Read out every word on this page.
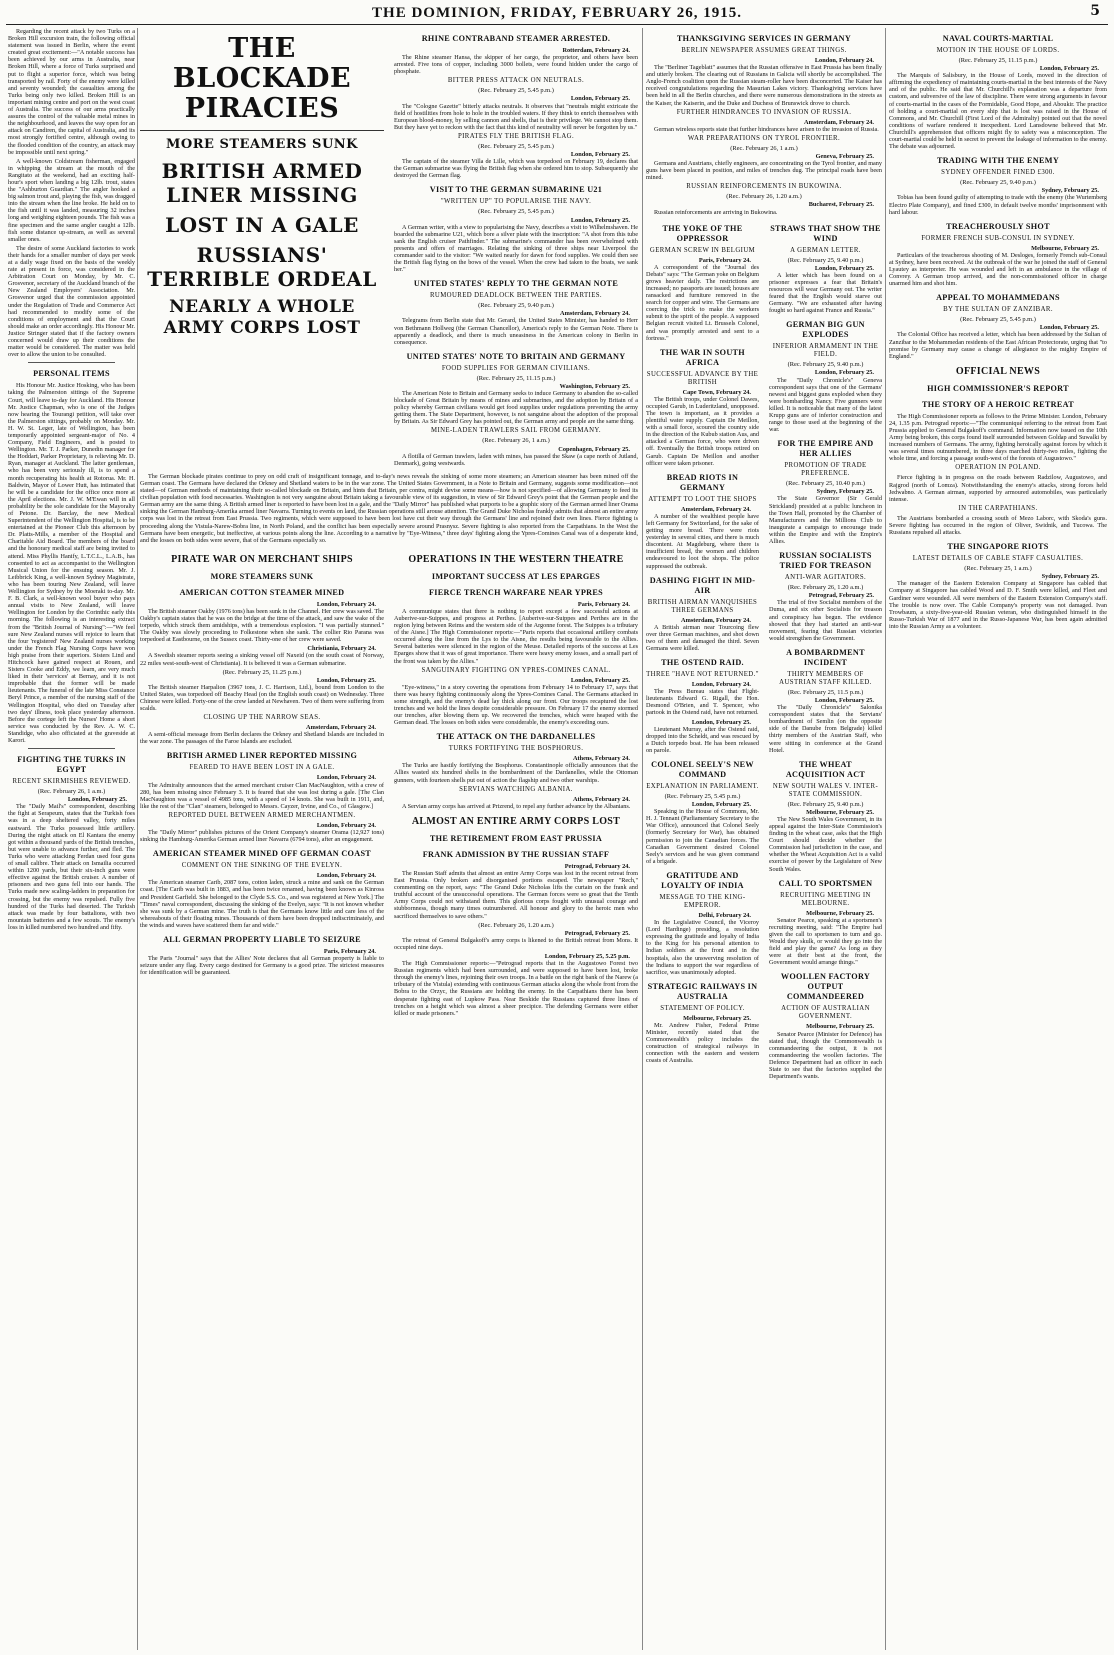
THE DOMINION, FRIDAY, FEBRUARY 26, 1915.	5

Regarding the recent attack by two Turks on a Broken Hill excursion train, the following official statement was issued in Berlin, where the event created great excitement:—"A notable success has been achieved by our arms in Australia, near Broken Hill, where a force of Turks surprised and put to flight a superior force, which was being transported by rail. Forty of the enemy were killed and seventy wounded; the casualties among the Turks being only two killed. Broken Hill is an important mining centre and port on the west coast of Australia. The success of our arms practically assures the control of the valuable metal mines in the neighbourhood, and leaves the way open for an attack on Candiren, the capital of Australia, and its most strongly fortified centre, although owing to the flooded condition of the country, an attack may be impossible until next spring."

A well-known Coldstream fisherman, engaged in whipping the stream at the mouth of the Rangitato at the weekend, had an exciting half-hour's sport when landing a big 12lb. trout, states the "Ashburton Guardian." The angler hooked a big salmon trout and, playing the fish, was dragged into the stream when the line broke. He held on to the fish until it was landed, measuring 32 inches long and weighing eighteen pounds. The fish was a fine specimen and the same angler caught a 12lb. fish some distance up-stream, as well as several smaller ones.

The desire of some Auckland factories to work their hands for a smaller number of days per week at a daily wage fixed on the basis of the weekly rate at present in force, was considered in the Arbitration Court on Monday, by Mr. C. Grosvenor, secretary of the Auckland branch of the New Zealand Employers' Association. Mr. Grosvenor urged that the commission appointed under the Regulation of Trade and Commerce Act had recommended to modify some of the conditions of employment and that the Court should make an order accordingly. His Honour Mr. Justice Stringer stated that if the factory owners concerned would draw up their conditions the matter would be considered. The matter was held over to allow the union to be consulted.

PERSONAL ITEMS

His Honour Mr. Justice Hosking, who has been taking the Palmerston sittings of the Supreme Court, will leave to-day for Auckland. His Honour Mr. Justice Chapman, who is one of the Judges now hearing the Tourangi petition, will take over the Palmerston sittings, probably on Monday. Mr. H. W. St. Leger, late of Wellington, has been temporarily appointed sergeant-major of No. 4 Company, Field Engineers, and is posted to Wellington. Mr. T. J. Parker, Dunedin manager for the Hoddart, Parker Proprietary, is relieving Mr. D. Ryan, manager at Auckland. The latter gentleman, who has been very seriously ill, is to spend a month recuperating his health at Rotorua. Mr. H. Baldwin, Mayor of Lower Hutt, has intimated that he will be a candidate for the office once more at the April elections. Mr. J. W. M'Ewan will in all probability be the sole candidate for the Mayoralty of Petone. Dr. Barclay, the new Medical Superintendent of the Wellington Hospital, is to be entertained at the Pioneer Club this afternoon by Dr. Platts-Mills, a member of the Hospital and Charitable Aid Board. The members of the board and the honorary medical staff are being invited to attend. Miss Phyllis Hanify, L.T.C.L., L.A.B., has consented to act as accompanist to the Wellington Musical Union for the ensuing season. Mr. J. Leibbrick King, a well-known Sydney Magistrate, who has been touring New Zealand, will leave Wellington for Sydney by the Moeraki to-day. Mr. F. B. Clark, a well-known wool buyer who pays annual visits to New Zealand, will leave Wellington for London by the Corinthic early this morning. The following is an interesting extract from the "British Journal of Nursing":—"We feel sure New Zealand nurses will rejoice to learn that the four 'registered' New Zealand nurses working under the French Flag Nursing Corps have won high praise from their superiors. Sisters Lind and Hitchcock have gained respect at Rouen, and Sisters Cooke and Eddy, we learn, are very much liked in their 'services' at Bernay, and it is not improbable that the former will be made lieutenants. The funeral of the late Miss Constance Beryl Prince, a member of the nursing staff of the Wellington Hospital, who died on Tuesday after two days' illness, took place yesterday afternoon. Before the cortege left the Nurses' Home a short service was conducted by the Rev. A. W. C. Standidge, who also officiated at the graveside at Karori.

FIGHTING THE TURKS IN EGYPT
RECENT SKIRMISHES REVIEWED.
(Rec. February 26, 1 a.m.)
London, February 25.

The "Daily Mail's" correspondent, describing the fight at Serapeum, states that the Turkish foes was in a deep sheltered valley, forty miles eastward. The Turks possessed little artillery. During the night attack on El Kantara the enemy got within a thousand yards of the British trenches, but were unable to advance further, and fled. The Turks who were attacking Ferdan used four guns of small calibre. Their attack on Ismailia occurred within 1200 yards, but their six-inch guns were effective against the British cruiser. A number of prisoners and two guns fell into our hands. The Turks made new scaling-ladders in preparation for crossing, but the enemy was repulsed. Fully five hundred of the Turks had deserted. The Turkish attack was made by four battalions, with two mountain batteries and a few scouts. The enemy's loss in killed numbered two hundred and fifty.

THE BLOCKADE PIRACIES
MORE STEAMERS SUNK
BRITISH ARMED LINER MISSING
LOST IN A GALE
RUSSIANS' TERRIBLE ORDEAL
NEARLY A WHOLE ARMY CORPS LOST
RHINE CONTRABAND STEAMER ARRESTED.
Rotterdam, February 24.

The Rhine steamer Hansa, the skipper of her cargo, the proprietor, and others have been arrested. Five tons of copper, including 3000 bollets, were found hidden under the cargo of phosphate.

BITTER PRESS ATTACK ON NEUTRALS.
(Rec. February 25, 5.45 p.m.)
London, February 25.

The "Cologne Gazette" bitterly attacks neutrals. It observes that "neutrals might extricate the field of hostilities from hole to hole in the troubled waters. If they think to enrich themselves with European blood-money, by selling cannon and shells, that is their privilege. We cannot stop them. But they have yet to reckon with the fact that this kind of neutrality will never be forgotten by us."

PIRATES FLY THE BRITISH FLAG.
(Rec. February 25, 5.45 p.m.)
London, February 25.

The captain of the steamer Villa de Lille, which was torpedoed on February 19, declares that the German submarine was flying the British flag when she ordered him to stop. Subsequently she destroyed the German flag.

VISIT TO THE GERMAN SUBMARINE U21
"WRITTEN UP" TO POPULARISE THE NAVY.
(Rec. February 25, 5.45 p.m.)
London, February 25.

A German writer, with a view to popularising the Navy, describes a visit to Wilhelmshaven. He boarded the submarine U21, which bore a silver plate with the inscription: "A shot from this tube sank the English cruiser Pathfinder." The submarine's commander has been overwhelmed with presents and offers of marriages. Relating the sinking of three ships near Liverpool the commander said to the visitor: "We waited nearly for dawn for food supplies. We could then see the British flag flying on the bows of the vessel. When the crew had taken to the boats, we sank her."

UNITED STATES' REPLY TO THE GERMAN NOTE
RUMOURED DEADLOCK BETWEEN THE PARTIES.
(Rec. February 25, 9.40 p.m.)
Amsterdam, February 24.

Telegrams from Berlin state that Mr. Gerard, the United States Minister, has handed to Herr von Bethmann Hollweg (the German Chancellor), America's reply to the German Note. There is apparently a deadlock, and there is much uneasiness in the American colony in Berlin in consequence.

UNITED STATES' NOTE TO BRITAIN AND GERMANY
FOOD SUPPLIES FOR GERMAN CIVILIANS.
(Rec. February 25, 11.15 p.m.)
Washington, February 25.

The American Note to Britain and Germany seeks to induce Germany to abandon the so-called blockade of Great Britain by means of mines and submarines, and the adoption by Britain of a policy whereby German civilians would get food supplies under regulations preventing the army getting them. The State Department, however, is not sanguine about the adoption of the proposal by Britain. As Sir Edward Grey has pointed out, the German army and people are the same thing.

MINE-LADEN TRAWLERS SAIL FROM GERMANY.
(Rec. February 26, 1 a.m.)
Copenhagen, February 25.

A flotilla of German trawlers, laden with mines, has passed the Skaw (a cape north of Jutland, Denmark), going westwards.

The German blockade pirates continue to prey on odd craft of insignificant tonnage, and to-day's news reveals the sinking of some more steamers; an American steamer has been mined off the German coast. The Germans have declared the Orkney and Shetland waters to be in the war zone. The United States Government, in a Note to Britain and Germany, suggests some modification—not stated—of German methods of maintaining their so-called blockade on Britain, and hints that Britain, per contra, might devise some means—how is not specified—of allowing Germany to feed its civilian population with food necessaries. Washington is not very sanguine about Britain taking a favourable view of its suggestion, in view of Sir Edward Grey's point that the German people and the German army are the same thing. A British armed liner is reported to have been lost in a gale, and the "Daily Mirror" has published what purports to be a graphic story of the German armed liner Orama sinking the German Hamburg-Amerika armed liner Navarra. Turning to events on land, the Russian operations still arouse attention. The Grand Duke Nicholas frankly admits that almost an entire army corps was lost in the retreat from East Prussia. Two regiments, which were supposed to have been lost have cut their way through the Germans' line and rejoined their own lines. Fierce fighting is proceeding along the Vistula-Narew-Bobra line, in North Poland, and the conflict has been especially severe around Prasnysz. Severe fighting is also reported from the Carpathians. In the West the Germans have been energetic, but ineffective, at various points along the line. According to a narrative by "Eye-Witness," three days' fighting along the Ypres-Comines Canal was of a desperate kind, and the losses on both sides were severe, that of the Germans especially so.

PIRATE WAR ON MERCHANT SHIPS
MORE STEAMERS SUNK
AMERICAN COTTON STEAMER MINED
London, February 24.

The British steamer Oakby (1976 tons) has been sunk in the Channel. Her crew was saved. The Oakby's captain states that he was on the bridge at the time of the attack, and saw the wake of the torpedo, which struck them amidships, with a tremendous explosion. "I was partially stunned." The Oakby was slowly proceeding to Folkestone when she sank. The collier Rio Parana was torpedoed at Eastbourne, on the Sussex coast. Thirty-one of her crew were saved.

Christiania, February 24.

A Swedish steamer reports seeing a sinking vessel off Naxeid (on the south coast of Norway, 22 miles west-south-west of Christiania). It is believed it was a German submarine.

(Rec. February 25, 11.25 p.m.)
London, February 25.

The British steamer Harpalion (3967 tons, J. C. Harrison, Ltd.), bound from London to the United States, was torpedoed off Beachy Head (on the English south coast) on Wednesday. Three Chinese were killed. Forty-one of the crew landed at Newhaven. Two of them were suffering from scalds.

CLOSING UP THE NARROW SEAS.
Amsterdam, February 24.

A semi-official message from Berlin declares the Orkney and Shetland Islands are included in the war zone. The passages of the Faroe Islands are excluded.

BRITISH ARMED LINER REPORTED MISSING
FEARED TO HAVE BEEN LOST IN A GALE.
London, February 24.

The Admiralty announces that the armed merchant cruiser Clan MacNaughton, with a crew of 280, has been missing since February 3. It is feared that she was lost during a gale. [The Clan MacNaughton was a vessel of 4985 tons, with a speed of 14 knots. She was built in 1911, and, like the rest of the "Clan" steamers, belonged to Messrs. Cayzer, Irvine, and Co., of Glasgow.]

REPORTED DUEL BETWEEN ARMED MERCHANTMEN.
London, February 24.

The "Daily Mirror" publishes pictures of the Orient Company's steamer Orama (12,927 tons) sinking the Hamburg-Amerika German armed liner Navarra (6794 tons), after an engagement.

AMERICAN STEAMER MINED OFF GERMAN COAST
COMMENT ON THE SINKING OF THE EVELYN.
London, February 24.

The American steamer Carib, 2087 tons, cotton laden, struck a mine and sank on the German coast. [The Carib was built in 1883, and has been twice renamed, having been known as Kinross and President Garfield. She belonged to the Clyde S.S. Co., and was registered at New York.] The "Times" naval correspondent, discussing the sinking of the Evelyn, says: "It is not known whether she was sunk by a German mine. The truth is that the Germans know little and care less of the whereabouts of their floating mines. Thousands of them have been dropped indiscriminately, and the winds and waves have scattered them far and wide."

ALL GERMAN PROPERTY LIABLE TO SEIZURE
Paris, February 24.

The Paris "Journal" says that the Allies' Note declares that all German property is liable to seizure under any flag. Every cargo destined for Germany is a good prize. The strictest measures for identification will be guaranteed.

OPERATIONS IN THE WESTERN THEATRE
IMPORTANT SUCCESS AT LES EPARGES
FIERCE TRENCH WARFARE NEAR YPRES
Paris, February 24.

A communique states that there is nothing to report except a few successful actions at Auberive-sur-Suippes, and progress at Perthes. [Auberive-sur-Suippes and Perthes are in the region lying between Reims and the western side of the Argonne forest. The Suippes is a tributary of the Aisne.] The High Commissioner reports:—"Paris reports that occasional artillery combats occurred along the line from the Lys to the Aisne, the results being favourable to the Allies. Several batteries were silenced in the region of the Meuse. Detailed reports of the success at Les Eparges show that it was of great importance. There were heavy enemy losses, and a small part of the front was taken by the Allies."

SANGUINARY FIGHTING ON YPRES-COMINES CANAL.
London, February 25.

"Eye-witness," in a story covering the operations from February 14 to February 17, says that there was heavy fighting continuously along the Ypres-Comines Canal. The Germans attacked in some strength, and the enemy's dead lay thick along our front. Our troops recaptured the lost trenches and we hold the lines despite considerable pressure. On February 17 the enemy stormed our trenches, after blowing them up. We recovered the trenches, which were heaped with the German dead. The losses on both sides were considerable, the enemy's exceeding ours.

THE ATTACK ON THE DARDANELLES
TURKS FORTIFYING THE BOSPHORUS.
Athens, February 24.

The Turks are hastily fortifying the Bosphorus. Constantinople officially announces that the Allies wasted six hundred shells in the bombardment of the Dardanelles, while the Ottoman gunners, with fourteen shells put out of action the flagship and two other warships.

SERVIANS WATCHING ALBANIA.
Athens, February 24.

A Servian army corps has arrived at Prizrend, to repel any further advance by the Albanians.

ALMOST AN ENTIRE ARMY CORPS LOST
THE RETIREMENT FROM EAST PRUSSIA
FRANK ADMISSION BY THE RUSSIAN STAFF
Petrograd, February 24.

The Russian Staff admits that almost an entire Army Corps was lost in the recent retreat from East Prussia. Only broken and disorganised portions escaped. The newspaper "Rech," commenting on the report, says: "The Grand Duke Nicholas lifts the curtain on the frank and truthful account of the unsuccessful operations. The German forces were so great that the Tenth Army Corps could not withstand them. This glorious corps fought with unusual courage and stubbornness, though many times outnumbered. All honour and glory to the heroic men who sacrificed themselves to save others."

(Rec. February 26, 1.20 a.m.)
Petrograd, February 25.

The retreat of General Bulgakoff's army corps is likened to the British retreat from Mons. It occupied nine days.

London, February 25, 5.25 p.m.

The High Commissioner reports:—"Petrograd reports that in the Augustowo Forest two Russian regiments which had been surrounded, and were supposed to have been lost, broke through the enemy's lines, rejoining their own troops. In a battle on the right bank of the Narew (a tributary of the Vistula) extending with continuous German attacks along the whole front from the Bobra to the Orzyc, the Russians are holding the enemy. In the Carpathians there has been desperate fighting east of Lupkow Pass. Near Beskide the Russians captured three lines of trenches on a height which was almost a sheer precipice. The defending Germans were either killed or made prisoners."

THANKSGIVING SERVICES IN GERMANY
BERLIN NEWSPAPER ASSUMES GREAT THINGS.
London, February 24.

The "Berliner Tageblatt" assumes that the Russian offensive in East Prussia has been finally and utterly broken. The clearing out of Russians in Galicia will shortly be accomplished. The Anglo-French coalition upon the Russian steam-roller have been disconcerted. The Kaiser has received congratulations regarding the Masurian Lakes victory. Thanksgiving services have been held in all the Berlin churches, and there were numerous demonstrations in the streets as the Kaiser, the Kaiserin, and the Duke and Duchess of Brunswick drove to church.

FURTHER HINDRANCES TO INVASION OF RUSSIA.
Amsterdam, February 24.

German wireless reports state that further hindrances have arisen to the invasion of Russia.

WAR PREPARATIONS ON TYROL FRONTIER.
(Rec. February 26, 1 a.m.)
Geneva, February 25.

Germans and Austrians, chiefly engineers, are concentrating on the Tyrol frontier, and many guns have been placed in position, and miles of trenches dug. The principal roads have been mined.

RUSSIAN REINFORCEMENTS IN BUKOWINA.
(Rec. February 26, 1.20 a.m.)
Bucharest, February 25.

Russian reinforcements are arriving in Bukowina.

THE YOKE OF THE OPPRESSOR
GERMAN SCREW IN BELGIUM
Paris, February 24.

A correspondent of the "Journal des Debats" says: "The German yoke on Belgium grows heavier daily. The restrictions are increased; no passports are issued; houses are ransacked and furniture removed in the search for copper and wire. The Germans are coercing the trick to make the workers submit to the spirit of the people. A supposed Belgian recruit visited Lt. Brussels Colonel, and was promptly arrested and sent to a fortress."

THE WAR IN SOUTH AFRICA
SUCCESSFUL ADVANCE BY THE BRITISH
Cape Town, February 24.

The British troops, under Colonel Dawes, occupied Garub, in Luderitzland, unopposed. The town is important, as it provides a plentiful water supply. Captain De Meillon, with a small force, scoured the country side in the direction of the Kubub station Aus, and attacked a German force, who were driven off. Eventually the British troops retired on Garub. Captain De Meillon and another officer were taken prisoner.

BREAD RIOTS IN GERMANY
ATTEMPT TO LOOT THE SHOPS
Amsterdam, February 24.

A number of the wealthiest people have left Germany for Switzerland, for the sake of getting more bread. There were riots yesterday in several cities, and there is much discontent. At Magdeburg, where there is insufficient bread, the women and children endeavoured to loot the shops. The police suppressed the outbreak.

DASHING FIGHT IN MID-AIR
BRITISH AIRMAN VANQUISHES THREE GERMANS
Amsterdam, February 24.

A British airman near Tourcoing flew over three German machines, and shot down two of them and damaged the third. Seven Germans were killed.

THE OSTEND RAID.
THREE "HAVE NOT RETURNED."
London, February 24.

The Press Bureau states that Flight-lieutenants Edward G. Rigall, the Hon. Desmond O'Brien, and T. Spencer, who partook in the Ostend raid, have not returned.

London, February 25.

Lieutenant Murray, after the Ostend raid, dropped into the Scheldt, and was rescued by a Dutch torpedo boat. He has been released on parole.

COLONEL SEELY'S NEW COMMAND
EXPLANATION IN PARLIAMENT.
(Rec. February 25, 5.45 p.m.)
London, February 25.

Speaking in the House of Commons, Mr. H. J. Tennant (Parliamentary Secretary to the War Office), announced that Colonel Seely (formerly Secretary for War), has obtained permission to join the Canadian forces. The Canadian Government desired Colonel Seely's services and he was given command of a brigade.

GRATITUDE AND LOYALTY OF INDIA
MESSAGE TO THE KING-EMPEROR.
Delhi, February 24.

In the Legislative Council, the Viceroy (Lord Hardinge) presiding, a resolution expressing the gratitude and loyalty of India to the King for his personal attention to Indian soldiers at the front and in the hospitals, also the unswerving resolution of the Indians to support the war regardless of sacrifice, was unanimously adopted.

STRATEGIC RAILWAYS IN AUSTRALIA
STATEMENT OF POLICY.
Melbourne, February 25.

Mr. Andrew Fisher, Federal Prime Minister, recently stated that the Commonwealth's policy includes the construction of strategical railways in connection with the eastern and western coasts of Australia.

STRAWS THAT SHOW THE WIND
A GERMAN LETTER.
(Rec. February 25, 9.40 p.m.)
London, February 25.

A letter which has been found on a prisoner expresses a fear that Britain's resources will wear Germany out. The writer feared that the English would starve out Germany. "We are exhausted after having fought so hard against France and Russia."

GERMAN BIG GUN EXPLODES
INFERIOR ARMAMENT IN THE FIELD.
(Rec. February 25, 9.40 p.m.)
London, February 25.

The "Daily Chronicle's" Geneva correspondent says that one of the Germans' newest and biggest guns exploded when they were bombarding Nancy. Five gunners were killed. It is noticeable that many of the latest Krupp guns are of inferior construction and range to those used at the beginning of the war.

FOR THE EMPIRE AND HER ALLIES
PROMOTION OF TRADE PREFERENCE.
(Rec. February 25, 10.40 p.m.)
Sydney, February 25.

The State Governor (Sir Gerald Strickland) presided at a public luncheon in the Town Hall, promoted by the Chamber of Manufacturers and the Millions Club to inaugurate a campaign to encourage trade within the Empire and with the Empire's Allies.

RUSSIAN SOCIALISTS TRIED FOR TREASON
ANTI-WAR AGITATORS.
(Rec. February 26, 1.20 a.m.)
Petrograd, February 25.

The trial of five Socialist members of the Duma, and six other Socialists for treason and conspiracy has begun. The evidence showed that they had started an anti-war movement, fearing that Russian victories would strengthen the Government.

A BOMBARDMENT INCIDENT
THIRTY MEMBERS OF AUSTRIAN STAFF KILLED.
(Rec. February 25, 11.5 p.m.)
London, February 25.

The "Daily Chronicle's" Salonika correspondent states that the Servians' bombardment of Semlin (on the opposite side of the Danube from Belgrade) killed thirty members of the Austrian Staff, who were sitting in conference at the Grand Hotel.

THE WHEAT ACQUISITION ACT
NEW SOUTH WALES V. INTER-STATE COMMISSION.
(Rec. February 25, 9.40 p.m.)
Melbourne, February 25.

The New South Wales Government, in its appeal against the Inter-State Commission's finding in the wheat case, asks that the High Court should decide whether the Commission had jurisdiction in the case, and whether the Wheat Acquisition Act is a valid exercise of power by the Legislature of New South Wales.

CALL TO SPORTSMEN
RECRUITING MEETING IN MELBOURNE.
Melbourne, February 25.

Senator Pearce, speaking at a sportsmen's recruiting meeting, said: "The Empire had given the call to sportsmen to turn and go. Would they skulk, or would they go into the field and play the game? As long as they were at their best at the front, the Government would arrange things."

WOOLLEN FACTORY OUTPUT COMMANDEERED
ACTION OF AUSTRALIAN GOVERNMENT.
Melbourne, February 25.

Senator Pearce (Minister for Defence) has stated that, though the Commonwealth is commandeering the output, it is not commandeering the woollen factories. The Defence Department had an officer in each State to see that the factories supplied the Department's wants.

NAVAL COURTS-MARTIAL
MOTION IN THE HOUSE OF LORDS.
(Rec. February 25, 11.15 p.m.)
London, February 25.

The Marquis of Salisbury, in the House of Lords, moved in the direction of affirming the expediency of maintaining courts-martial in the best interests of the Navy and of the public. He said that Mr. Churchill's explanation was a departure from custom, and subversive of the law of discipline. There were strong arguments in favour of courts-martial in the cases of the Formidable, Good Hope, and Aboukir. The practice of holding a court-martial on every ship that is lost was raised in the House of Commons, and Mr. Churchill (First Lord of the Admiralty) pointed out that the novel conditions of warfare rendered it inexpedient. Lord Lansdowne believed that Mr. Churchill's apprehension that officers might fly to safety was a misconception. The court-martial could be held in secret to prevent the leakage of information to the enemy. The debate was adjourned.

TRADING WITH THE ENEMY
SYDNEY OFFENDER FINED £300.
(Rec. February 25, 9.40 p.m.)
Sydney, February 25.

Tobias has been found guilty of attempting to trade with the enemy (the Wurtemberg Electro Plate Company), and fined £300, in default twelve months' imprisonment with hard labour.

TREACHEROUSLY SHOT
FORMER FRENCH SUB-CONSUL IN SYDNEY.
Melbourne, February 25.

Particulars of the treacherous shooting of M. Desloges, formerly French sub-Consul at Sydney, have been received. At the outbreak of the war he joined the staff of General Lyautey as interpreter. He was wounded and left in an ambulance in the village of Convrey. A German troop arrived, and the non-commissioned officer in charge unarmed him and shot him.

APPEAL TO MOHAMMEDANS
BY THE SULTAN OF ZANZIBAR.
(Rec. February 25, 5.45 p.m.)
London, February 25.

The Colonial Office has received a letter, which has been addressed by the Sultan of Zanzibar to the Mohammedan residents of the East African Protectorate, urging that "to promise by Germany may cause a change of allegiance to the mighty Empire of England."

OFFICIAL NEWS
HIGH COMMISSIONER'S REPORT
THE STORY OF A HEROIC RETREAT

The High Commissioner reports as follows to the Prime Minister. London, February 24, 1.35 p.m. Petrograd reports:—"The communiqué referring to the retreat from East Prussia applied to General Bulgakoff's command. Information now issued on the 10th Army being broken, this corps found itself surrounded between Goldap and Suwalki by increased numbers of Germans. The army, fighting heroically against forces by which it was several times outnumbered, in three days marched thirty-two miles, fighting the whole time, and forcing a passage south-west of the forests of Augustowo."

OPERATION IN POLAND.

Fierce fighting is in progress on the roads between Radzilow, Augustowo, and Rajgrod (north of Lomza). Notwithstanding the enemy's attacks, strong forces held Jedwabno. A German airman, supported by armoured automobiles, was particularly intense.

IN THE CARPATHIANS.

The Austrians bombarded a crossing south of Mezo Laborc, with Skoda's guns. Severe fighting has occurred in the region of Oliver, Swidnik, and Tucowa. The Russians repulsed all attacks.

THE SINGAPORE RIOTS
LATEST DETAILS OF CABLE STAFF CASUALTIES.
(Rec. February 25, 1 a.m.)
Sydney, February 25.

The manager of the Eastern Extension Company at Singapore has cabled that Company at Singapore has cabled Wood and D. F. Smith were killed, and Fleet and Gardiner were wounded. All were members of the Eastern Extension Company's staff. The trouble is now over. The Cable Company's property was not damaged. Ivan Trowbaum, a sixty-five-year-old Russian veteran, who distinguished himself in the Russo-Turkish War of 1877 and in the Russo-Japanese War, has been again admitted into the Russian Army as a volunteer.
